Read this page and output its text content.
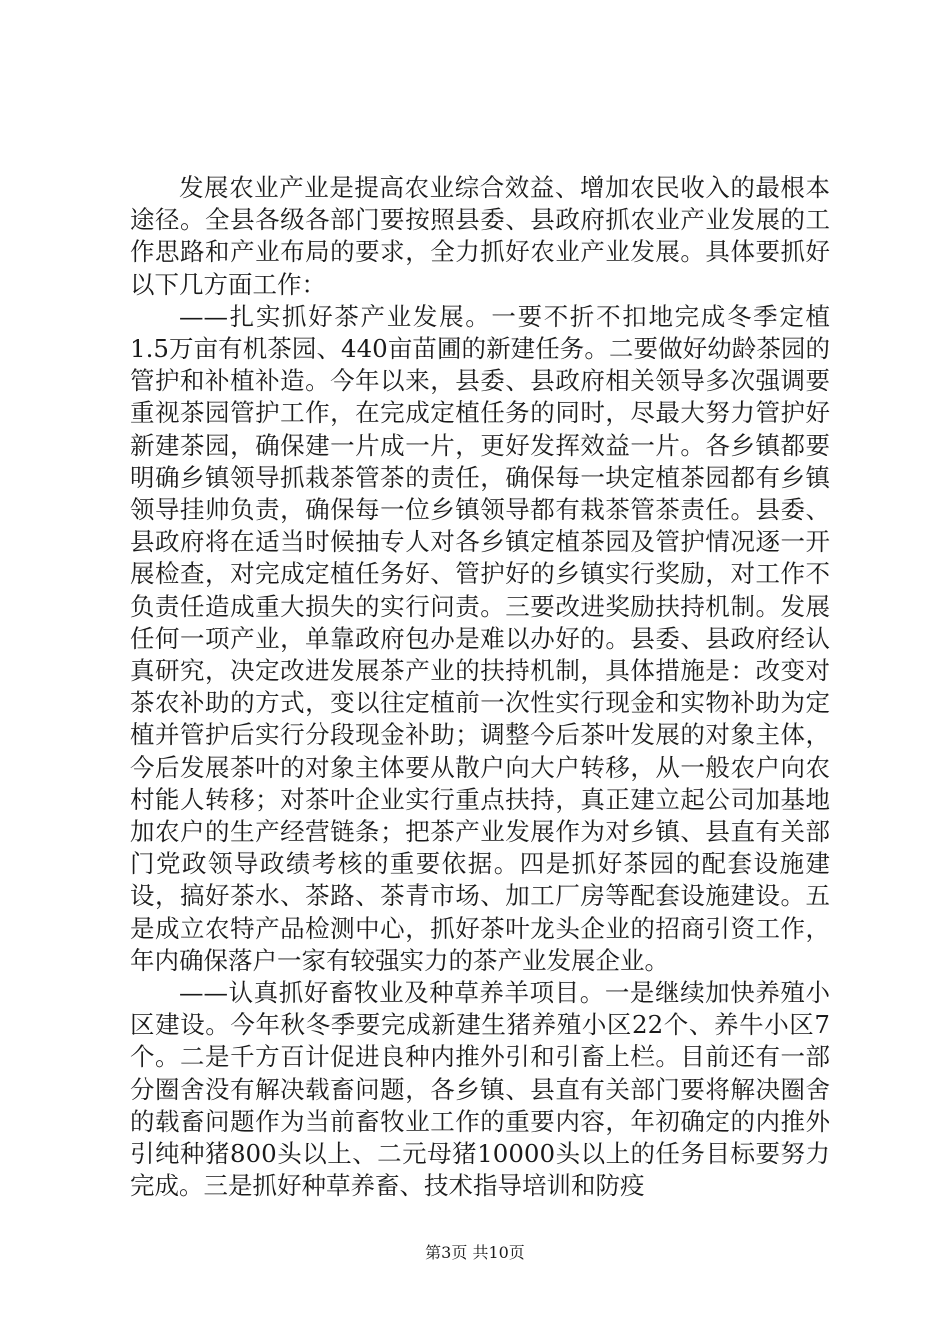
发展农业产业是提高农业综合效益、增加农民收入的最根本途径。全县各级各部门要按照县委、县政府抓农业产业发展的工作思路和产业布局的要求，全力抓好农业产业发展。具体要抓好以下几方面工作：

——扎实抓好茶产业发展。一要不折不扣地完成冬季定植1.5万亩有机茶园、440亩苗圃的新建任务。二要做好幼龄茶园的管护和补植补造。今年以来，县委、县政府相关领导多次强调要重视茶园管护工作，在完成定植任务的同时，尽最大努力管护好新建茶园，确保建一片成一片，更好发挥效益一片。各乡镇都要明确乡镇领导抓栽茶管茶的责任，确保每一块定植茶园都有乡镇领导挂帅负责，确保每一位乡镇领导都有栽茶管茶责任。县委、县政府将在适当时候抽专人对各乡镇定植茶园及管护情况逐一开展检查，对完成定植任务好、管护好的乡镇实行奖励，对工作不负责任造成重大损失的实行问责。三要改进奖励扶持机制。发展任何一项产业，单靠政府包办是难以办好的。县委、县政府经认真研究，决定改进发展茶产业的扶持机制，具体措施是：改变对茶农补助的方式，变以往定植前一次性实行现金和实物补助为定植并管护后实行分段现金补助；调整今后茶叶发展的对象主体，今后发展茶叶的对象主体要从散户向大户转移，从一般农户向农村能人转移；对茶叶企业实行重点扶持，真正建立起公司加基地加农户的生产经营链条；把茶产业发展作为对乡镇、县直有关部门党政领导政绩考核的重要依据。四是抓好茶园的配套设施建设，搞好茶水、茶路、茶青市场、加工厂房等配套设施建设。五是成立农特产品检测中心，抓好茶叶龙头企业的招商引资工作，年内确保落户一家有较强实力的茶产业发展企业。

——认真抓好畜牧业及种草养羊项目。一是继续加快养殖小区建设。今年秋冬季要完成新建生猪养殖小区22个、养牛小区7个。二是千方百计促进良种内推外引和引畜上栏。目前还有一部分圈舍没有解决载畜问题，各乡镇、县直有关部门要将解决圈舍的载畜问题作为当前畜牧业工作的重要内容，年初确定的内推外引纯种猪800头以上、二元母猪10000头以上的任务目标要努力完成。三是抓好种草养畜、技术指导培训和防疫

第3页 共10页
